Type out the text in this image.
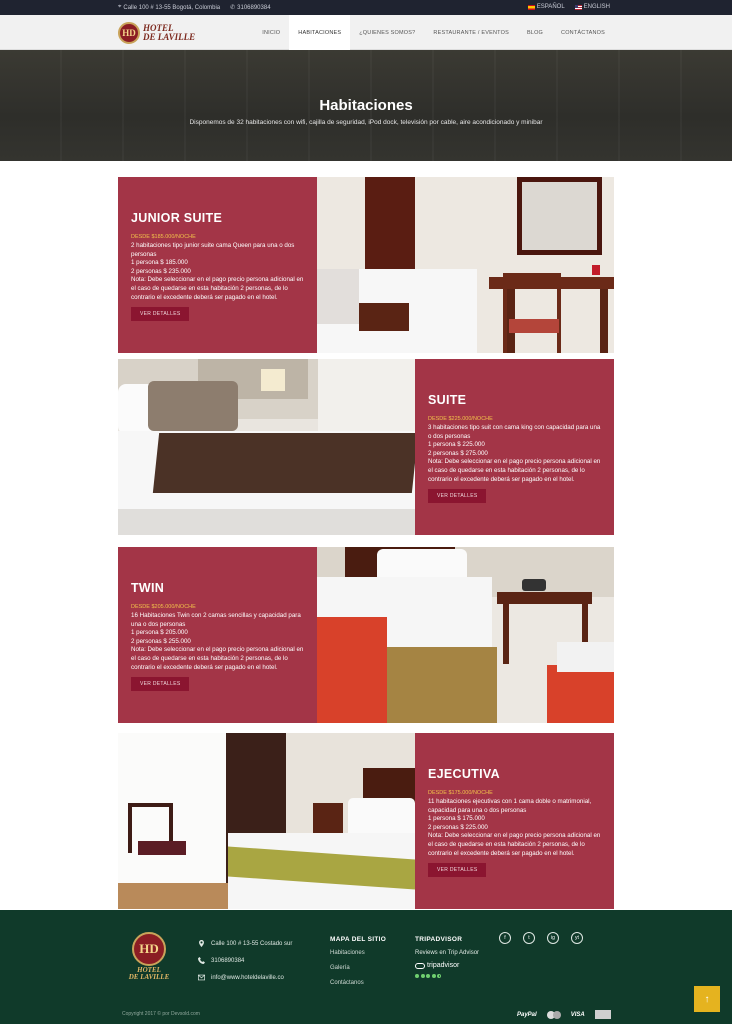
⌖ Calle 100 # 13-55 Bogotá, Colombia ✆ 3106890384	ESPAÑOL	ENGLISH
HD HOTEL
DE LAVILLE	INICIO	HABITACIONES	¿QUIENES SOMOS?	RESTAURANTE / EVENTOS	BLOG	CONTÁCTANOS
Habitaciones

Disponemos de 32 habitaciones con wifi, cajilla de seguridad, iPod dock, televisión por cable, aire acondicionado y minibar

JUNIOR SUITE
DESDE $185.000/NOCHE
2 habitaciones tipo junior suite cama Queen para una o dos personas
1 persona $ 185.000
2 personas $ 235.000
Nota: Debe seleccionar en el pago precio persona adicional en el caso de quedarse en esta habitación 2 personas, de lo contrario el excedente deberá ser pagado en el hotel.
VER DETALLES
SUITE
DESDE $225.000/NOCHE
3 habitaciones tipo suit con cama king con capacidad para una o dos personas
1 persona $ 225.000
2 personas $ 275.000
Nota: Debe seleccionar en el pago precio persona adicional en el caso de quedarse en esta habitación 2 personas, de lo contrario el excedente deberá ser pagado en el hotel.
VER DETALLES
TWIN
DESDE $205.000/NOCHE
16 Habitaciones Twin con 2 camas sencillas y capacidad para una o dos personas
1 persona $ 205.000
2 personas $ 255.000
Nota: Debe seleccionar en el pago precio persona adicional en el caso de quedarse en esta habitación 2 personas, de lo contrario el excedente deberá ser pagado en el hotel.
VER DETALLES
EJECUTIVA
DESDE $175.000/NOCHE
11 habitaciones ejecutivas con 1 cama doble o matrimonial, capacidad para una o dos personas
1 persona $ 175.000
2 personas $ 225.000
Nota: Debe seleccionar en el pago precio persona adicional en el caso de quedarse en esta habitación 2 personas, de lo contrario el excedente deberá ser pagado en el hotel.
VER DETALLES
HD
HOTEL
DE LAVILLE
Calle 100 # 13-55 Costado sur
3106890384
info@www.hoteldelaville.co
MAPA DEL SITIO
Habitaciones
Galería
Contáctanos
TRIPADVISOR
Reviews en Trip Advisor
tripadvisor
f	t	ig	yt
Copyright 2017 © por Devsold.com	PayPal	VISA
↑
